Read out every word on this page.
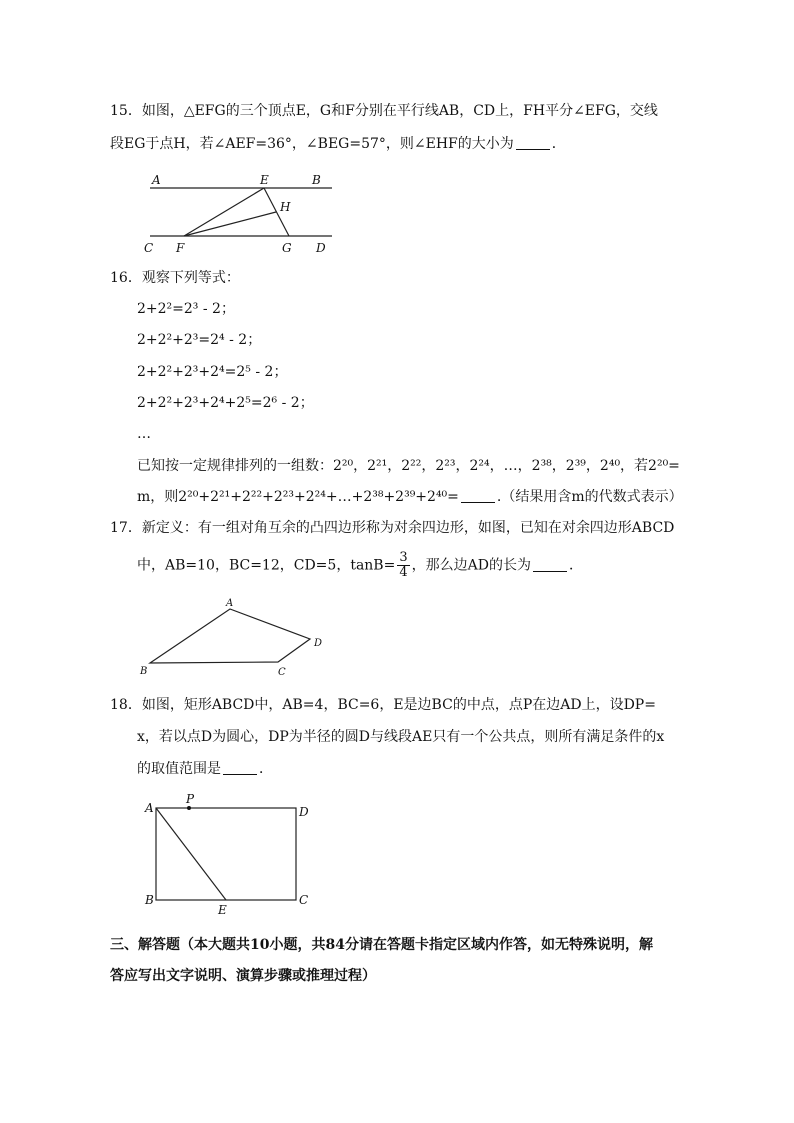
15．如图，△EFG的三个顶点E，G和F分别在平行线AB，CD上，FH平分∠EFG，交线
段EG于点H，若∠AEF=36°，∠BEG=57°，则∠EHF的大小为	．
A	E	B
H
C F	G D
16．观察下列等式：
2+2²=2³ - 2；
2+2²+2³=2⁴ - 2；
2+2²+2³+2⁴=2⁵ - 2；
2+2²+2³+2⁴+2⁵=2⁶ - 2；
…
已知按一定规律排列的一组数：2²⁰，2²¹，2²²，2²³，2²⁴，…，2³⁸，2³⁹，2⁴⁰，若2²⁰=
m，则2²⁰+2²¹+2²²+2²³+2²⁴+…+2³⁸+2³⁹+2⁴⁰=	.（结果用含m的代数式表示）
17．新定义：有一组对角互余的凸四边形称为对余四边形，如图，已知在对余四边形ABCD
中，AB=10，BC=12，CD=5，$\tan B= \frac{3}{4}$ ，那么边AD的长为	．
A
B	C
D
18．如图，矩形ABCD中，AB=4，BC=6，E是边BC的中点，点P在边AD上，设DP=
x，若以点D为圆心，DP为半径的圆D与线段AE只有一个公共点，则所有满足条件的x
的取值范围是	．
A
P
D
B
E
C
三、解答题（本大题共10小题，共84分请在答题卡指定区域内作答，如无特殊说明，解
答应写出文字说明、演算步骤或推理过程）
